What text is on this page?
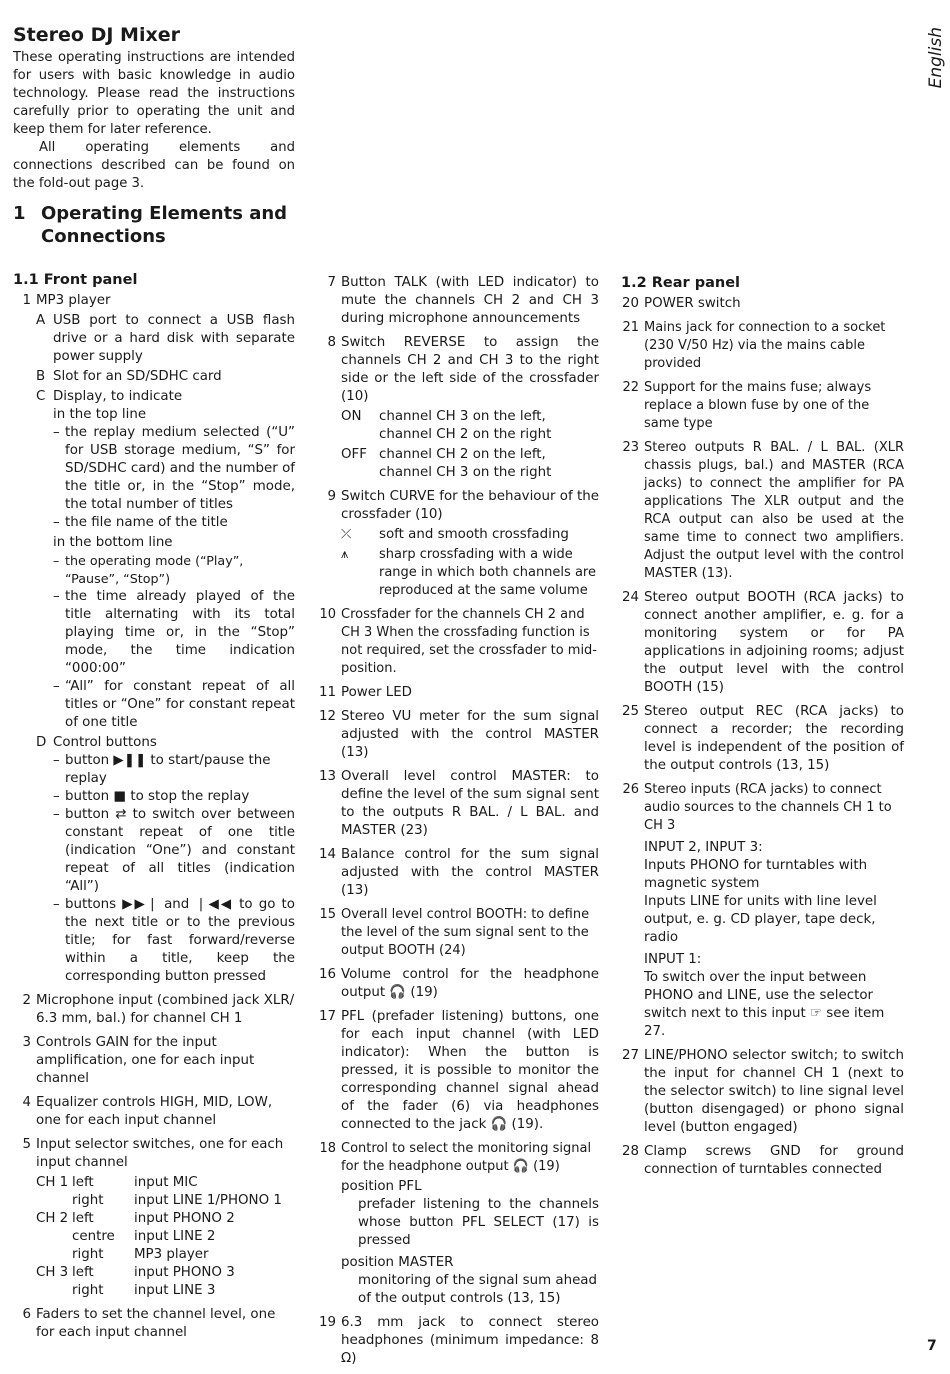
Stereo DJ Mixer	English

These operating instructions are intended for users with basic knowledge in audio technology. Please read the instructions carefully prior to operating the unit and keep them for later reference.

All operating elements and connections described can be found on the fold-out page 3.

1 Operating Elements and Connections
1.1 Front panel
1 MP3 player
A USB port to connect a USB flash drive or a hard disk with separate power supply
B Slot for an SD/SDHC card
C Display, to indicate
in the top line
– the replay medium selected (“U” for USB storage medium, “S” for SD/SDHC card) and the number of the title or, in the “Stop” mode, the total number of titles
– the file name of the title
in the bottom line
– the operating mode (“Play”, “Pause”, “Stop”)
– the time already played of the title alternating with its total playing time or, in the “Stop” mode, the time indication “000:00”
– “All” for constant repeat of all titles or “One” for constant repeat of one title
D Control buttons
– button ▶❚❚ to start/pause the replay
– button ■ to stop the replay
– button ⇄ to switch over between constant repeat of one title (indication “One”) and constant repeat of all titles (indication “All”)
– buttons ▶▶❘ and ❘◀◀ to go to the next title or to the previous title; for fast forward/reverse within a title, keep the corresponding button pressed
2 Microphone input (combined jack XLR/ 6.3 mm, bal.) for channel CH 1
3 Controls GAIN for the input amplification, one for each input channel
4 Equalizer controls HIGH, MID, LOW, one for each input channel
5 Input selector switches, one for each input channel
CH 1 left	input MIC
right	input LINE 1/PHONO 1
CH 2 left	input PHONO 2
centre	input LINE 2
right	MP3 player
CH 3 left	input PHONO 3
right	input LINE 3
6 Faders to set the channel level, one for each input channel
7 Button TALK (with LED indicator) to mute the channels CH 2 and CH 3 during microphone announcements
8 Switch REVERSE to assign the channels CH 2 and CH 3 to the right side or the left side of the crossfader (10)
ON	channel CH 3 on the left, channel CH 2 on the right
OFF channel CH 2 on the left, channel CH 3 on the right
9 Switch CURVE for the behaviour of the crossfader (10)
⤫	soft and smooth crossfading
⩚	sharp crossfading with a wide range in which both channels are reproduced at the same volume
10 Crossfader for the channels CH 2 and CH 3 When the crossfading function is not required, set the crossfader to mid-position.
11 Power LED
12 Stereo VU meter for the sum signal adjusted with the control MASTER (13)
13 Overall level control MASTER: to define the level of the sum signal sent to the outputs R BAL. / L BAL. and MASTER (23)
14 Balance control for the sum signal adjusted with the control MASTER (13)
15 Overall level control BOOTH: to define the level of the sum signal sent to the output BOOTH (24)
16 Volume control for the headphone output 🎧 (19)
17 PFL (prefader listening) buttons, one for each input channel (with LED indicator): When the button is pressed, it is possible to monitor the corresponding channel signal ahead of the fader (6) via headphones connected to the jack 🎧 (19).
18 Control to select the monitoring signal for the headphone output 🎧 (19)
position PFL
prefader listening to the channels whose button PFL SELECT (17) is pressed
position MASTER
monitoring of the signal sum ahead of the output controls (13, 15)
19 6.3 mm jack to connect stereo headphones (minimum impedance: 8 Ω)
1.2 Rear panel
20 POWER switch
21 Mains jack for connection to a socket (230 V/50 Hz) via the mains cable provided
22 Support for the mains fuse; always replace a blown fuse by one of the same type
23 Stereo outputs R BAL. / L BAL. (XLR chassis plugs, bal.) and MASTER (RCA jacks) to connect the amplifier for PA applications The XLR output and the RCA output can also be used at the same time to connect two amplifiers. Adjust the output level with the control MASTER (13).
24 Stereo output BOOTH (RCA jacks) to connect another amplifier, e. g. for a monitoring system or for PA applications in adjoining rooms; adjust the output level with the control BOOTH (15)
25 Stereo output REC (RCA jacks) to connect a recorder; the recording level is independent of the position of the output controls (13, 15)
26 Stereo inputs (RCA jacks) to connect audio sources to the channels CH 1 to CH 3
INPUT 2, INPUT 3:
Inputs PHONO for turntables with magnetic system
Inputs LINE for units with line level output, e. g. CD player, tape deck, radio
INPUT 1:
To switch over the input between PHONO and LINE, use the selector switch next to this input ☞ see item 27.
27 LINE/PHONO selector switch; to switch the input for channel CH 1 (next to the selector switch) to line signal level (button disengaged) or phono signal level (button engaged)
28 Clamp screws GND for ground connection of turntables connected
7
